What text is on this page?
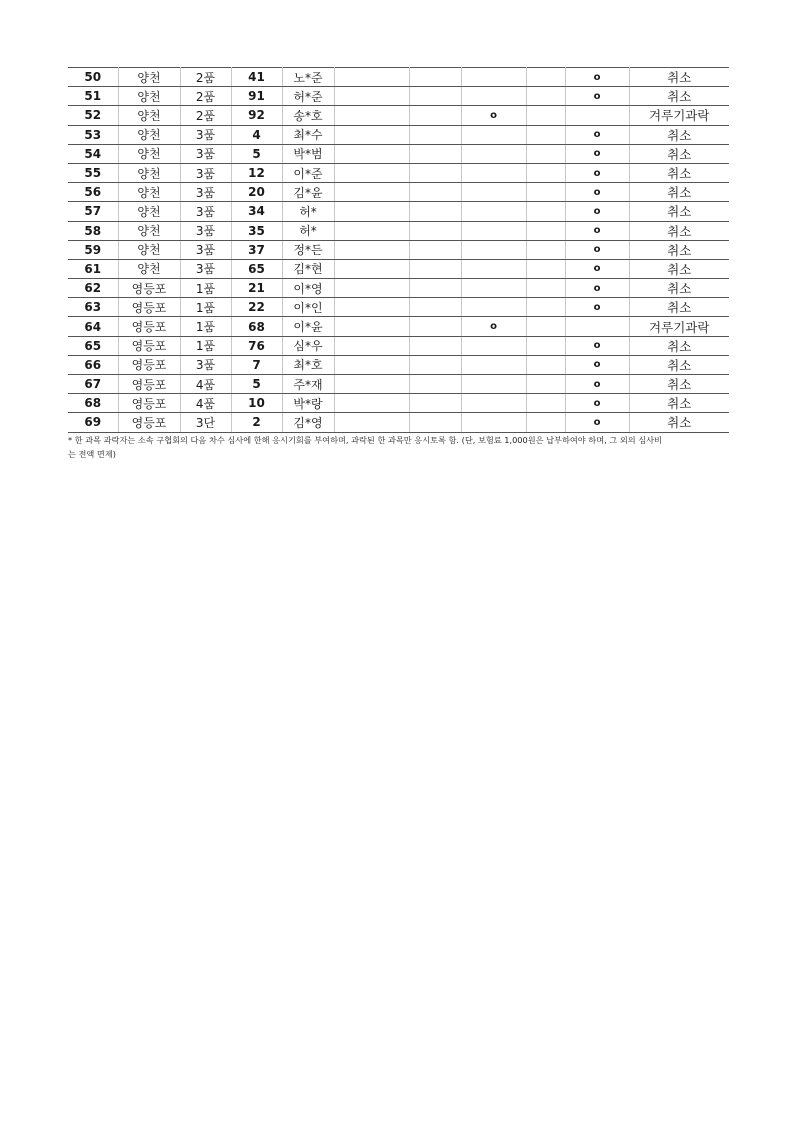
50	양천	2품	41	노*준					o	취소
51	양천	2품	91	허*준					o	취소
52	양천	2품	92	송*호			o			겨루기과락
53	양천	3품	4	최*수					o	취소
54	양천	3품	5	박*범					o	취소
55	양천	3품	12	이*준					o	취소
56	양천	3품	20	김*윤					o	취소
57	양천	3품	34	허*					o	취소
58	양천	3품	35	허*					o	취소
59	양천	3품	37	정*든					o	취소
61	양천	3품	65	김*현					o	취소
62	영등포	1품	21	이*영					o	취소
63	영등포	1품	22	이*인					o	취소
64	영등포	1품	68	이*윤			o			겨루기과락
65	영등포	1품	76	심*우					o	취소
66	영등포	3품	7	최*호					o	취소
67	영등포	4품	5	주*재					o	취소
68	영등포	4품	10	박*랑					o	취소
69	영등포	3단	2	김*영					o	취소
* 한 과목 과락자는 소속 구협회의 다음 차수 심사에 한해 응시기회를 부여하며, 과락된 한 과목만 응시토록 함. (단, 보험료 1,000원은 납부하여야 하며, 그 외의 심사비
는 전액 면제)
